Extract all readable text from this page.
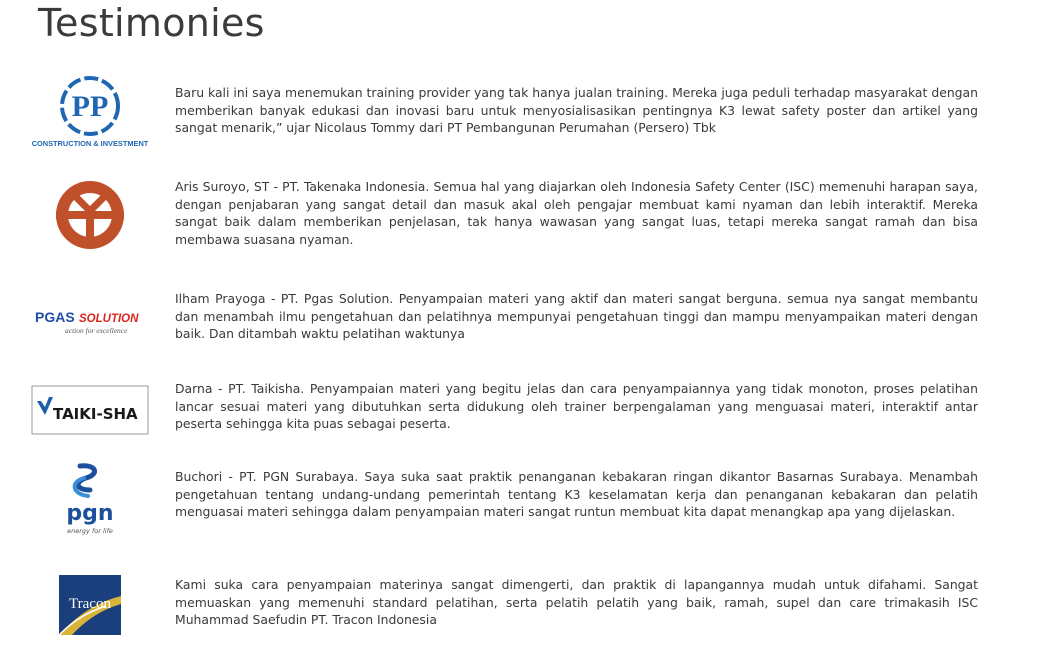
Testimonies
PP
CONSTRUCTION & INVESTMENT
Baru kali ini saya menemukan training provider yang tak hanya jualan training. Mereka juga peduli terhadap masyarakat dengan memberikan banyak edukasi dan inovasi baru untuk menyosialisasikan pentingnya K3 lewat safety poster dan artikel yang sangat menarik,” ujar Nicolaus Tommy dari PT Pembangunan Perumahan (Persero) Tbk
Aris Suroyo, ST - PT. Takenaka Indonesia. Semua hal yang diajarkan oleh Indonesia Safety Center (ISC) memenuhi harapan saya, dengan penjabaran yang sangat detail dan masuk akal oleh pengajar membuat kami nyaman dan lebih interaktif. Mereka sangat baik dalam memberikan penjelasan, tak hanya wawasan yang sangat luas, tetapi mereka sangat ramah dan bisa membawa suasana nyaman.
PGAS SOLUTION
action for excellence
Ilham Prayoga - PT. Pgas Solution. Penyampaian materi yang aktif dan materi sangat berguna. semua nya sangat membantu dan menambah ilmu pengetahuan dan pelatihnya mempunyai pengetahuan tinggi dan mampu menyampaikan materi dengan baik. Dan ditambah waktu pelatihan waktunya
TAIKI-SHA
Darna - PT. Taikisha. Penyampaian materi yang begitu jelas dan cara penyampaiannya yang tidak monoton, proses pelatihan lancar sesuai materi yang dibutuhkan serta didukung oleh trainer berpengalaman yang menguasai materi, interaktif antar peserta sehingga kita puas sebagai peserta.
pgn
energy for life
Buchori - PT. PGN Surabaya. Saya suka saat praktik penanganan kebakaran ringan dikantor Basarnas Surabaya. Menambah pengetahuan tentang undang-undang pemerintah tentang K3 keselamatan kerja dan penanganan kebakaran dan pelatih menguasai materi sehingga dalam penyampaian materi sangat runtun membuat kita dapat menangkap apa yang dijelaskan.
Tracon
Kami suka cara penyampaian materinya sangat dimengerti, dan praktik di lapangannya mudah untuk difahami. Sangat memuaskan yang memenuhi standard pelatihan, serta pelatih pelatih yang baik, ramah, supel dan care trimakasih ISC Muhammad Saefudin PT. Tracon Indonesia
